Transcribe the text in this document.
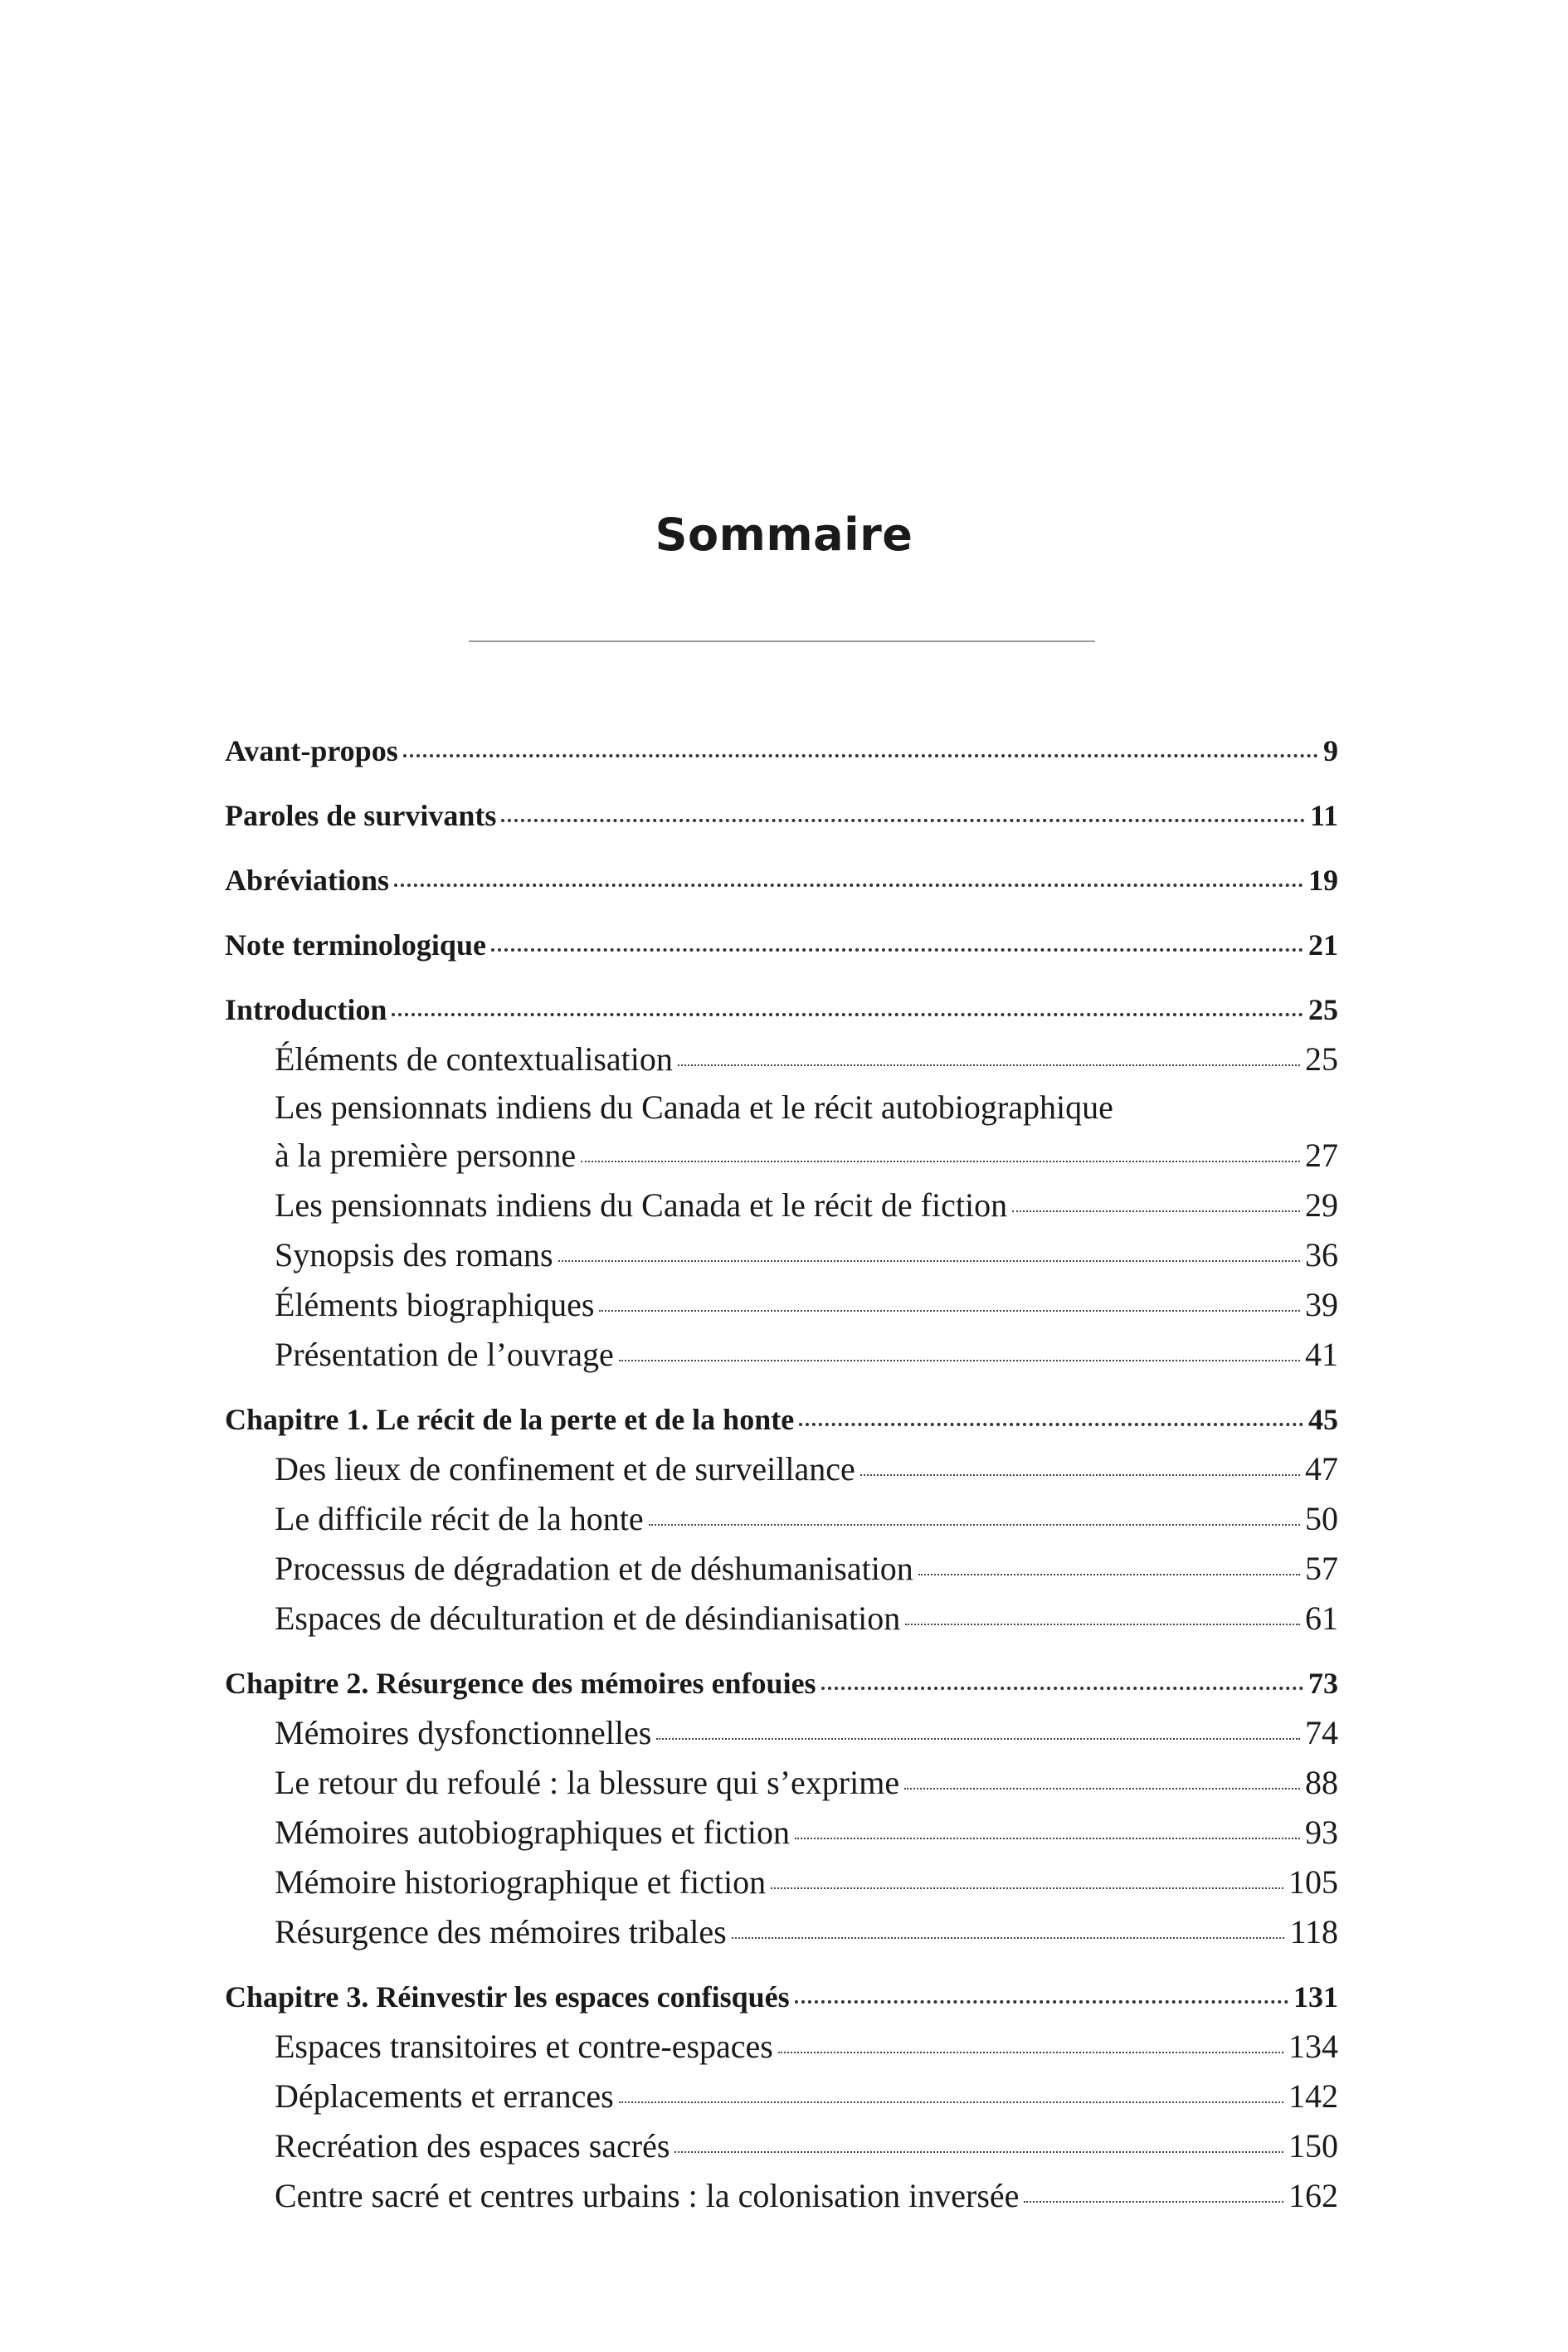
Sommaire
Avant-propos	9
Paroles de survivants	11
Abréviations	19
Note terminologique	21
Introduction	25
Éléments de contextualisation	25
Les pensionnats indiens du Canada et le récit autobiographique
à la première personne	27
Les pensionnats indiens du Canada et le récit de fiction	29
Synopsis des romans	36
Éléments biographiques	39
Présentation de l’ouvrage	41
Chapitre 1. Le récit de la perte et de la honte	45
Des lieux de confinement et de surveillance	47
Le difficile récit de la honte	50
Processus de dégradation et de déshumanisation	57
Espaces de déculturation et de désindianisation	61
Chapitre 2. Résurgence des mémoires enfouies	73
Mémoires dysfonctionnelles	74
Le retour du refoulé : la blessure qui s’exprime	88
Mémoires autobiographiques et fiction	93
Mémoire historiographique et fiction	105
Résurgence des mémoires tribales	118
Chapitre 3. Réinvestir les espaces confisqués	131
Espaces transitoires et contre-espaces	134
Déplacements et errances	142
Recréation des espaces sacrés	150
Centre sacré et centres urbains : la colonisation inversée	162
